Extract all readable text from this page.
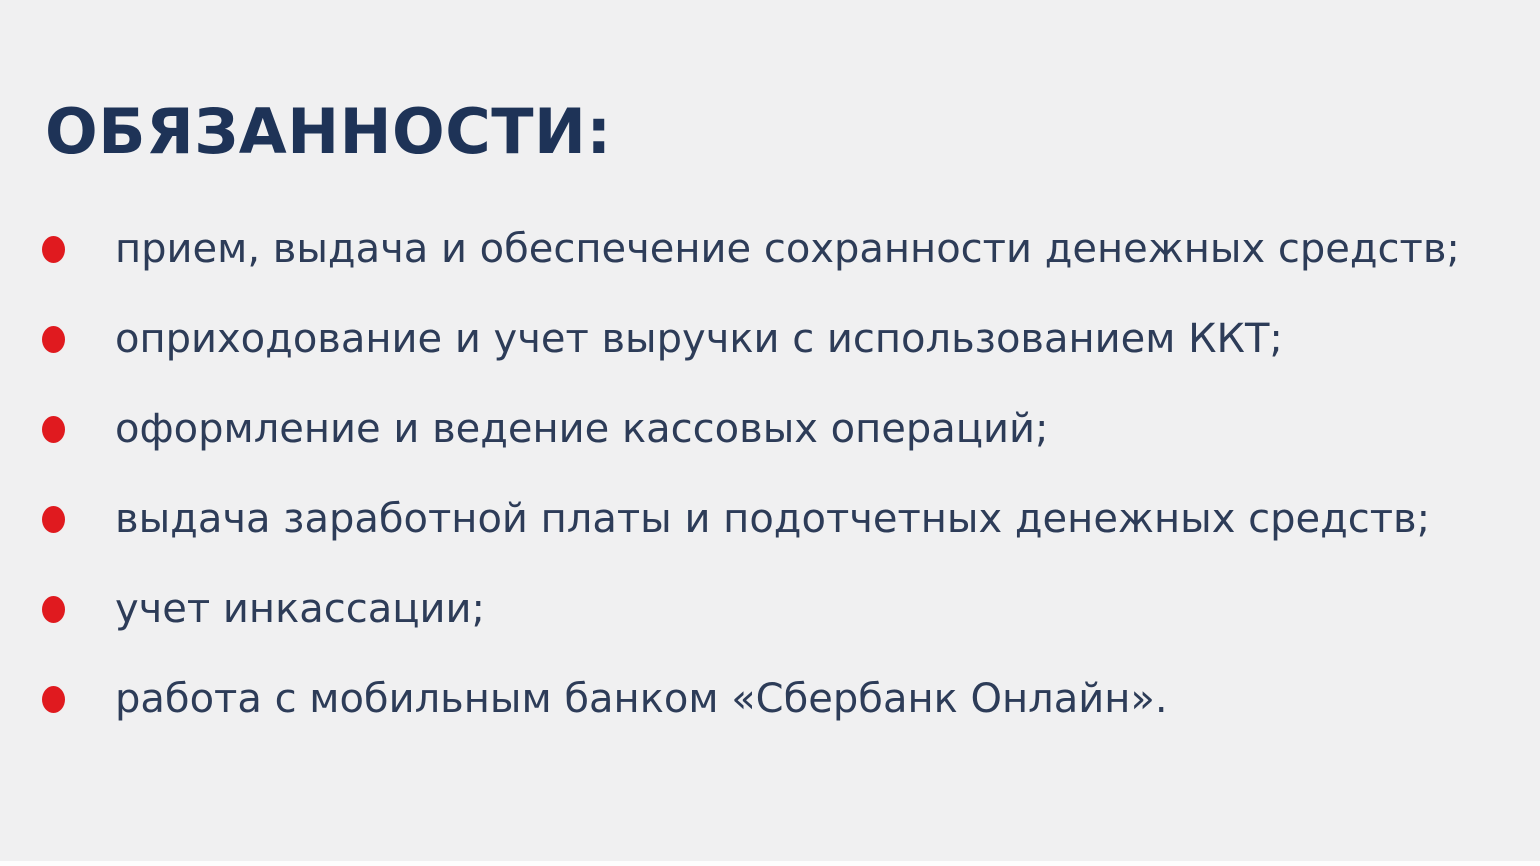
ОБЯЗАННОСТИ:
прием, выдача и обеспечение сохранности денежных средств;
оприходование и учет выручки с использованием ККТ;
оформление и ведение кассовых операций;
выдача заработной платы и подотчетных денежных средств;
учет инкассации;
работа с мобильным банком «Сбербанк Онлайн».
